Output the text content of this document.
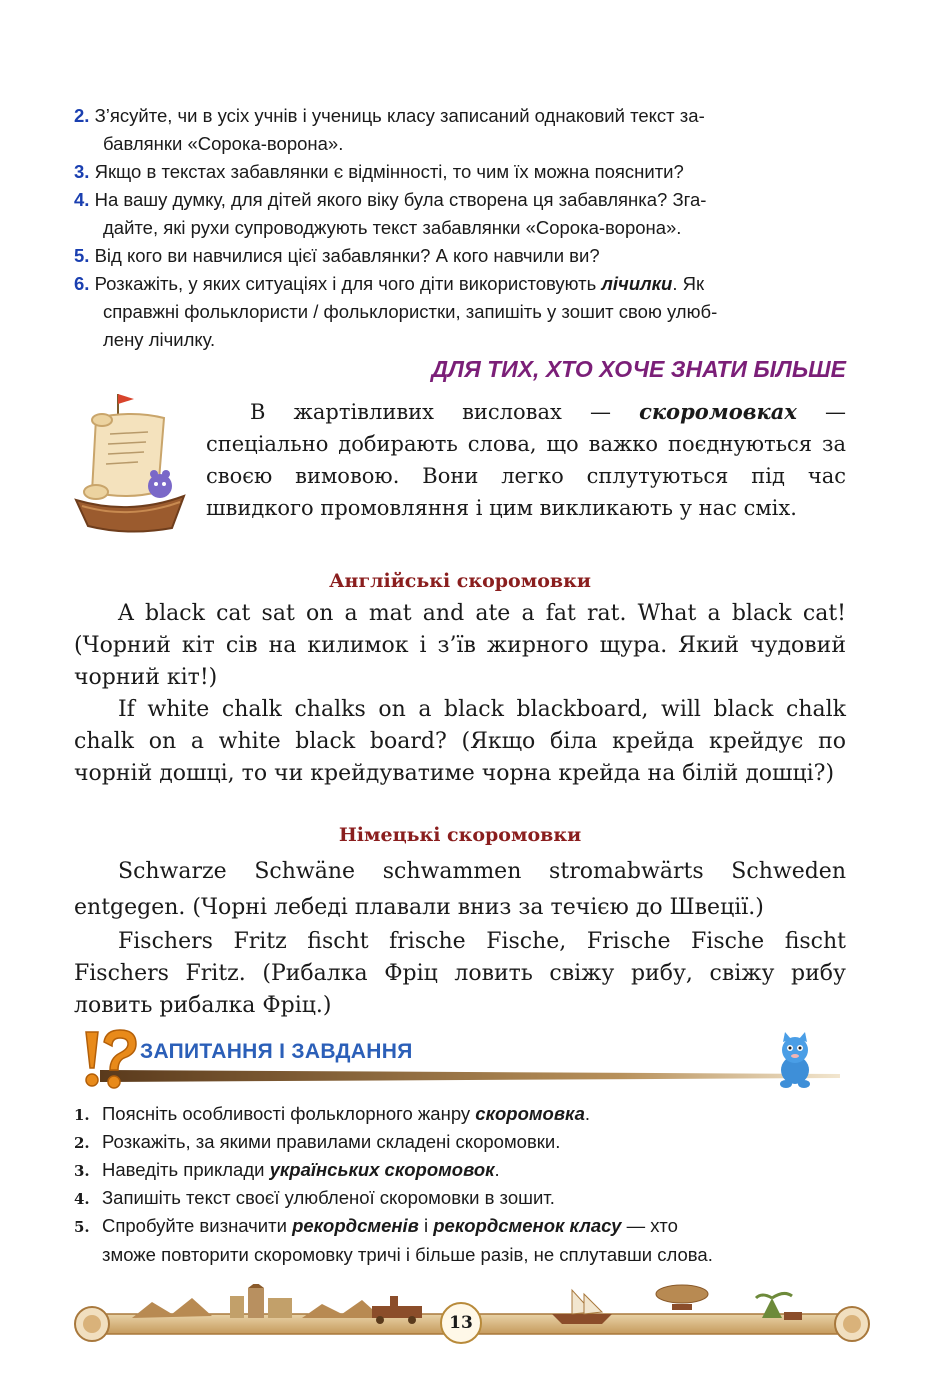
2. З’ясуйте, чи в усіх учнів і учениць класу записаний однаковий текст за-
бавлянки «Сорока-ворона».
3. Якщо в текстах забавлянки є відмінності, то чим їх можна пояснити?
4. На вашу думку, для дітей якого віку була створена ця забавлянка? Зга-
дайте, які рухи супроводжують текст забавлянки «Сорока-ворона».
5. Від кого ви навчилися цієї забавлянки? А кого навчили ви?
6. Розкажіть, у яких ситуаціях і для чого діти використовують лічилки. Як
справжні фольклористи / фольклористки, запишіть у зошит свою улюб-
лену лічилку.
ДЛЯ ТИХ, ХТО ХОЧЕ ЗНАТИ БІЛЬШЕ
В жартівливих висловах — скоромовках — спеціально добирають слова, що важко поєднуються за своєю вимовою. Вони легко сплутуються під час швидкого промовляння і цим викликають у нас сміх.
Англійські скоромовки
A black cat sat on a mat and ate a fat rat. What a black cat! (Чорний кіт сів на килимок і з’їв жирного щура. Який чудовий чорний кіт!)
If white chalk chalks on a black blackboard, will black chalk chalk on a white black board? (Якщо біла крейда крейдує по чорній дошці, то чи крейдуватиме чорна крейда на білій дошці?)
Німецькі скоромовки
Schwarze Schwäne schwammen stromabwärts Schweden entgegen. (Чорні лебеді плавали вниз за течією до Швеції.)
Fischers Fritz fischt frische Fische, Frische Fische fischt Fischers Fritz. (Рибалка Фріц ловить свіжу рибу, свіжу рибу ловить рибалка Фріц.)
ЗАПИТАННЯ І ЗАВДАННЯ
1. Поясніть особливості фольклорного жанру скоромовка.
2. Розкажіть, за якими правилами складені скоромовки.
3. Наведіть приклади українських скоромовок.
4. Запишіть текст своєї улюбленої скоромовки в зошит.
5. Спробуйте визначити рекордсменів і рекордсменок класу — хто
зможе повторити скоромовку тричі і більше разів, не сплутавши слова.
13
